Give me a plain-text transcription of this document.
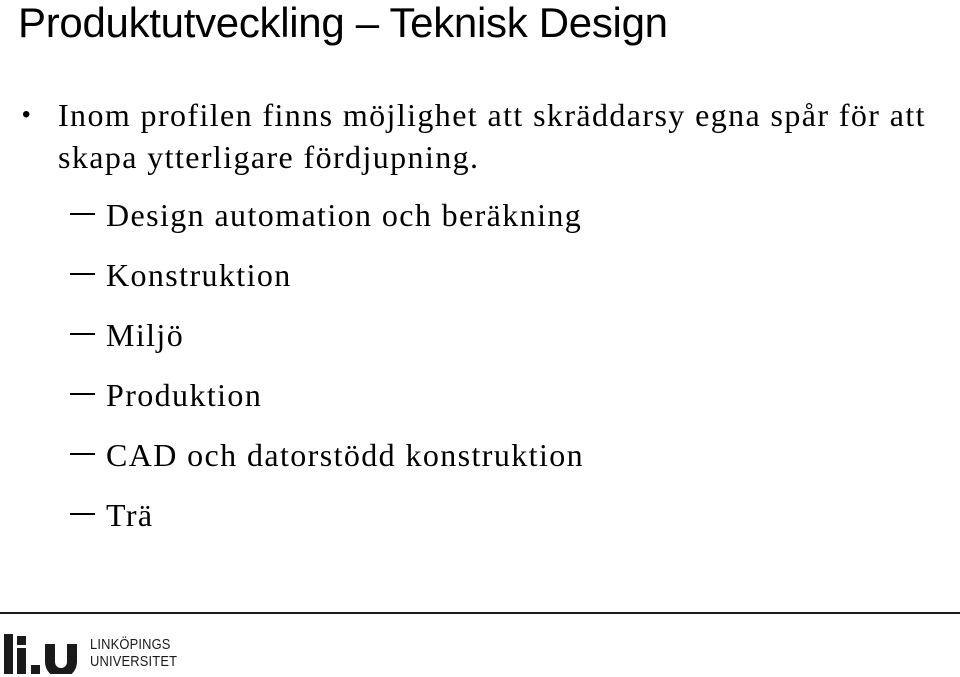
Produktutveckling – Teknisk Design
• Inom profilen finns möjlighet att skräddarsy egna spår för att skapa ytterligare fördjupning.
Design automation och beräkning
Konstruktion
Miljö
Produktion
CAD och datorstödd konstruktion
Trä
LINKÖPINGS
UNIVERSITET
